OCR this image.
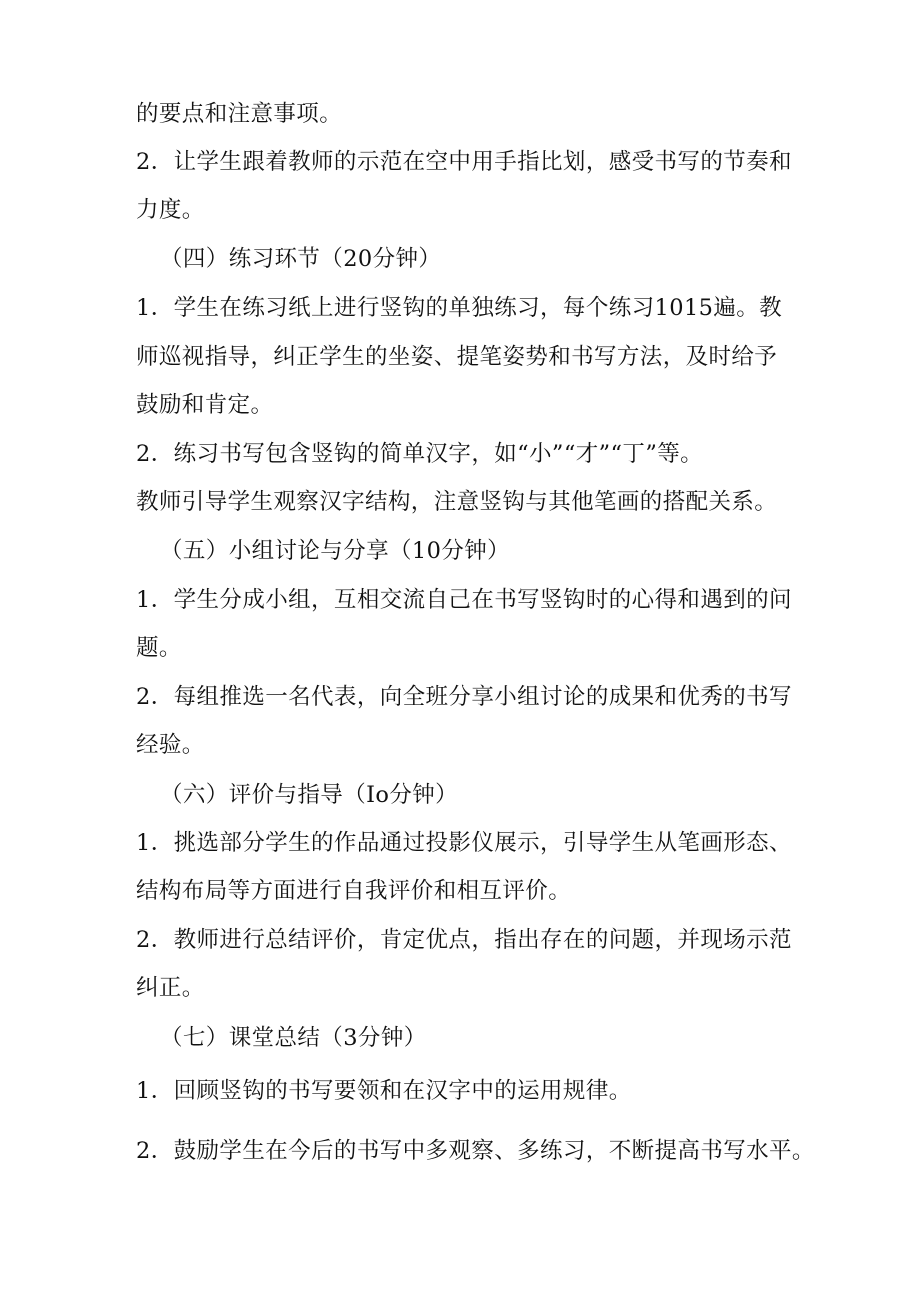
的要点和注意事项。
2．让学生跟着教师的示范在空中用手指比划，感受书写的节奏和
力度。
（四）练习环节（20分钟）
1．学生在练习纸上进行竖钩的单独练习，每个练习1015遍。教
师巡视指导，纠正学生的坐姿、提笔姿势和书写方法，及时给予
鼓励和肯定。
2．练习书写包含竖钩的简单汉字，如“小”“才”“丁”等。
教师引导学生观察汉字结构，注意竖钩与其他笔画的搭配关系。
（五）小组讨论与分享（10分钟）
1．学生分成小组，互相交流自己在书写竖钩时的心得和遇到的问
题。
2．每组推选一名代表，向全班分享小组讨论的成果和优秀的书写
经验。
（六）评价与指导（Io分钟）
1．挑选部分学生的作品通过投影仪展示，引导学生从笔画形态、
结构布局等方面进行自我评价和相互评价。
2．教师进行总结评价，肯定优点，指出存在的问题，并现场示范
纠正。
（七）课堂总结（3分钟）
1．回顾竖钩的书写要领和在汉字中的运用规律。
2．鼓励学生在今后的书写中多观察、多练习，不断提高书写水平。
